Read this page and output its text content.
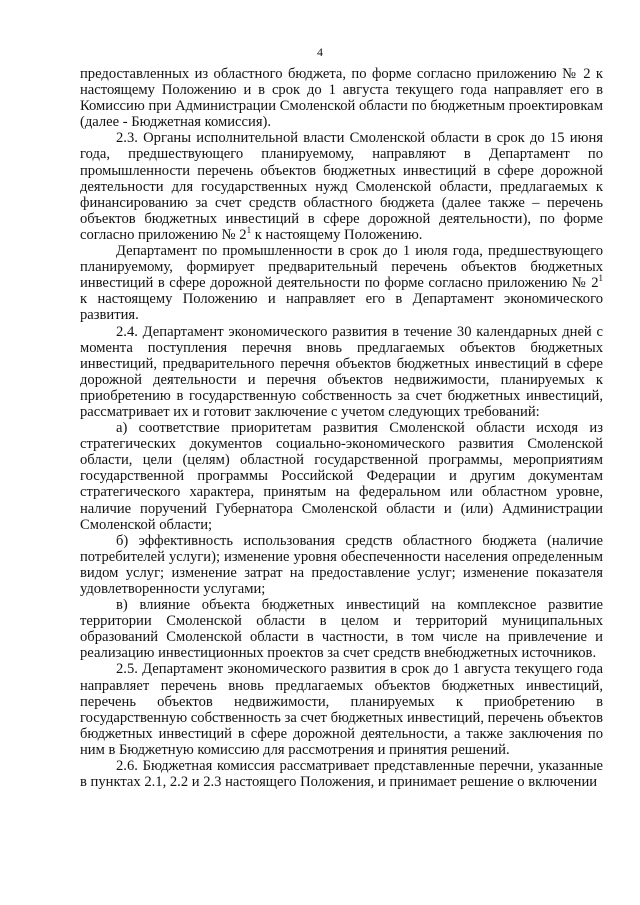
4

предоставленных из областного бюджета, по форме согласно приложению № 2 к настоящему Положению и в срок до 1 августа текущего года направляет его в Комиссию при Администрации Смоленской области по бюджетным проектировкам (далее - Бюджетная комиссия).

2.3. Органы исполнительной власти Смоленской области в срок до 15 июня года, предшествующего планируемому, направляют в Департамент по промышленности перечень объектов бюджетных инвестиций в сфере дорожной деятельности для государственных нужд Смоленской области, предлагаемых к финансированию за счет средств областного бюджета (далее также – перечень объектов бюджетных инвестиций в сфере дорожной деятельности), по форме согласно приложению № $2^1$ к настоящему Положению.

Департамент по промышленности в срок до 1 июля года, предшествующего планируемому, формирует предварительный перечень объектов бюджетных инвестиций в сфере дорожной деятельности по форме согласно приложению № $2^1$ к настоящему Положению и направляет его в Департамент экономического развития.

2.4. Департамент экономического развития в течение 30 календарных дней с момента поступления перечня вновь предлагаемых объектов бюджетных инвестиций, предварительного перечня объектов бюджетных инвестиций в сфере дорожной деятельности и перечня объектов недвижимости, планируемых к приобретению в государственную собственность за счет бюджетных инвестиций, рассматривает их и готовит заключение с учетом следующих требований:

а) соответствие приоритетам развития Смоленской области исходя из стратегических документов социально-экономического развития Смоленской области, цели (целям) областной государственной программы, мероприятиям государственной программы Российской Федерации и другим документам стратегического характера, принятым на федеральном или областном уровне, наличие поручений Губернатора Смоленской области и (или) Администрации Смоленской области;

б) эффективность использования средств областного бюджета (наличие потребителей услуги); изменение уровня обеспеченности населения определенным видом услуг; изменение затрат на предоставление услуг; изменение показателя удовлетворенности услугами;

в) влияние объекта бюджетных инвестиций на комплексное развитие территории Смоленской области в целом и территорий муниципальных образований Смоленской области в частности, в том числе на привлечение и реализацию инвестиционных проектов за счет средств внебюджетных источников.

2.5. Департамент экономического развития в срок до 1 августа текущего года направляет перечень вновь предлагаемых объектов бюджетных инвестиций, перечень объектов недвижимости, планируемых к приобретению в государственную собственность за счет бюджетных инвестиций, перечень объектов бюджетных инвестиций в сфере дорожной деятельности, а также заключения по ним в Бюджетную комиссию для рассмотрения и принятия решений.

2.6. Бюджетная комиссия рассматривает представленные перечни, указанные в пунктах 2.1, 2.2 и 2.3 настоящего Положения, и принимает решение о включении
